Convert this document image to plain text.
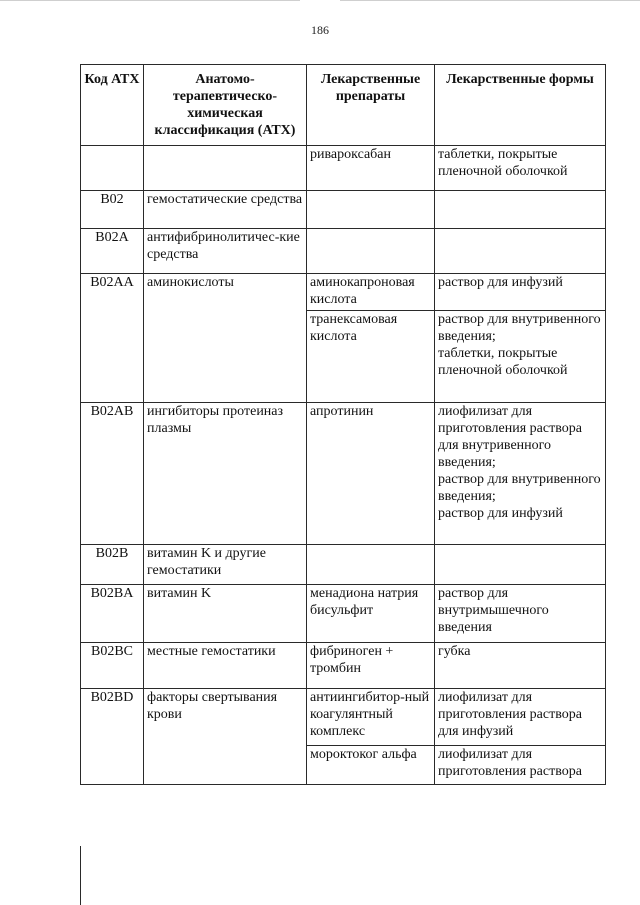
186
Код АТХ	Анатомо-терапевтическо-химическая классификация (АТХ)	Лекарственные препараты	Лекарственные формы
		ривароксабан	таблетки, покрытые пленочной оболочкой
B02	гемостатические средства		
B02A	антифибринолитичес-кие средства		
B02AA	аминокислоты	аминокапроновая кислота	раствор для инфузий
		транексамовая кислота	раствор для внутривенного введения;
таблетки, покрытые пленочной оболочкой
B02AB	ингибиторы протеиназ плазмы	апротинин	лиофилизат для приготовления раствора для внутривенного введения;
раствор для внутривенного введения;
раствор для инфузий
B02B	витамин K и другие гемостатики		
B02BA	витамин K	менадиона натрия бисульфит	раствор для внутримышечного введения
B02BC	местные гемостатики	фибриноген + тромбин	губка
B02BD	факторы свертывания крови	антиингибитор-ный коагулянтный комплекс	лиофилизат для приготовления раствора для инфузий
		мороктоког альфа	лиофилизат для приготовления раствора
